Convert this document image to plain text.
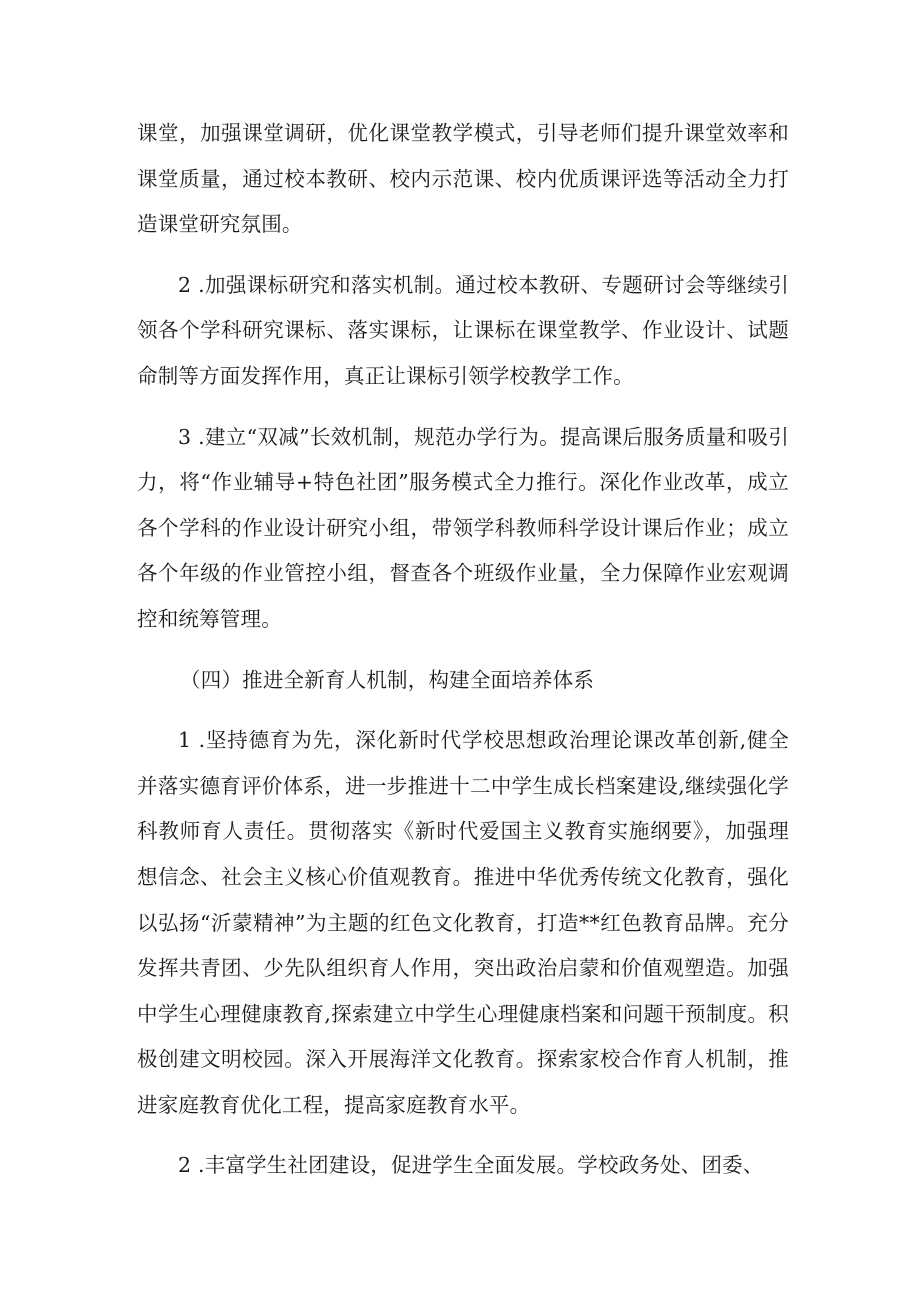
课堂，加强课堂调研，优化课堂教学模式，引导老师们提升课堂效率和课堂质量，通过校本教研、校内示范课、校内优质课评选等活动全力打造课堂研究氛围。

2 .加强课标研究和落实机制。通过校本教研、专题研讨会等继续引领各个学科研究课标、落实课标，让课标在课堂教学、作业设计、试题命制等方面发挥作用，真正让课标引领学校教学工作。

3 .建立“双减”长效机制，规范办学行为。提高课后服务质量和吸引力，将“作业辅导+特色社团”服务模式全力推行。深化作业改革，成立各个学科的作业设计研究小组，带领学科教师科学设计课后作业；成立各个年级的作业管控小组，督查各个班级作业量，全力保障作业宏观调控和统筹管理。

（四）推进全新育人机制，构建全面培养体系

1 .坚持德育为先，深化新时代学校思想政治理论课改革创新,健全并落实德育评价体系，进一步推进十二中学生成长档案建设,继续强化学科教师育人责任。贯彻落实《新时代爱国主义教育实施纲要》，加强理想信念、社会主义核心价值观教育。推进中华优秀传统文化教育，强化以弘扬“沂蒙精神”为主题的红色文化教育，打造**红色教育品牌。充分发挥共青团、少先队组织育人作用，突出政治启蒙和价值观塑造。加强中学生心理健康教育,探索建立中学生心理健康档案和问题干预制度。积极创建文明校园。深入开展海洋文化教育。探索家校合作育人机制，推进家庭教育优化工程，提高家庭教育水平。

2 .丰富学生社团建设，促进学生全面发展。学校政务处、团委、
